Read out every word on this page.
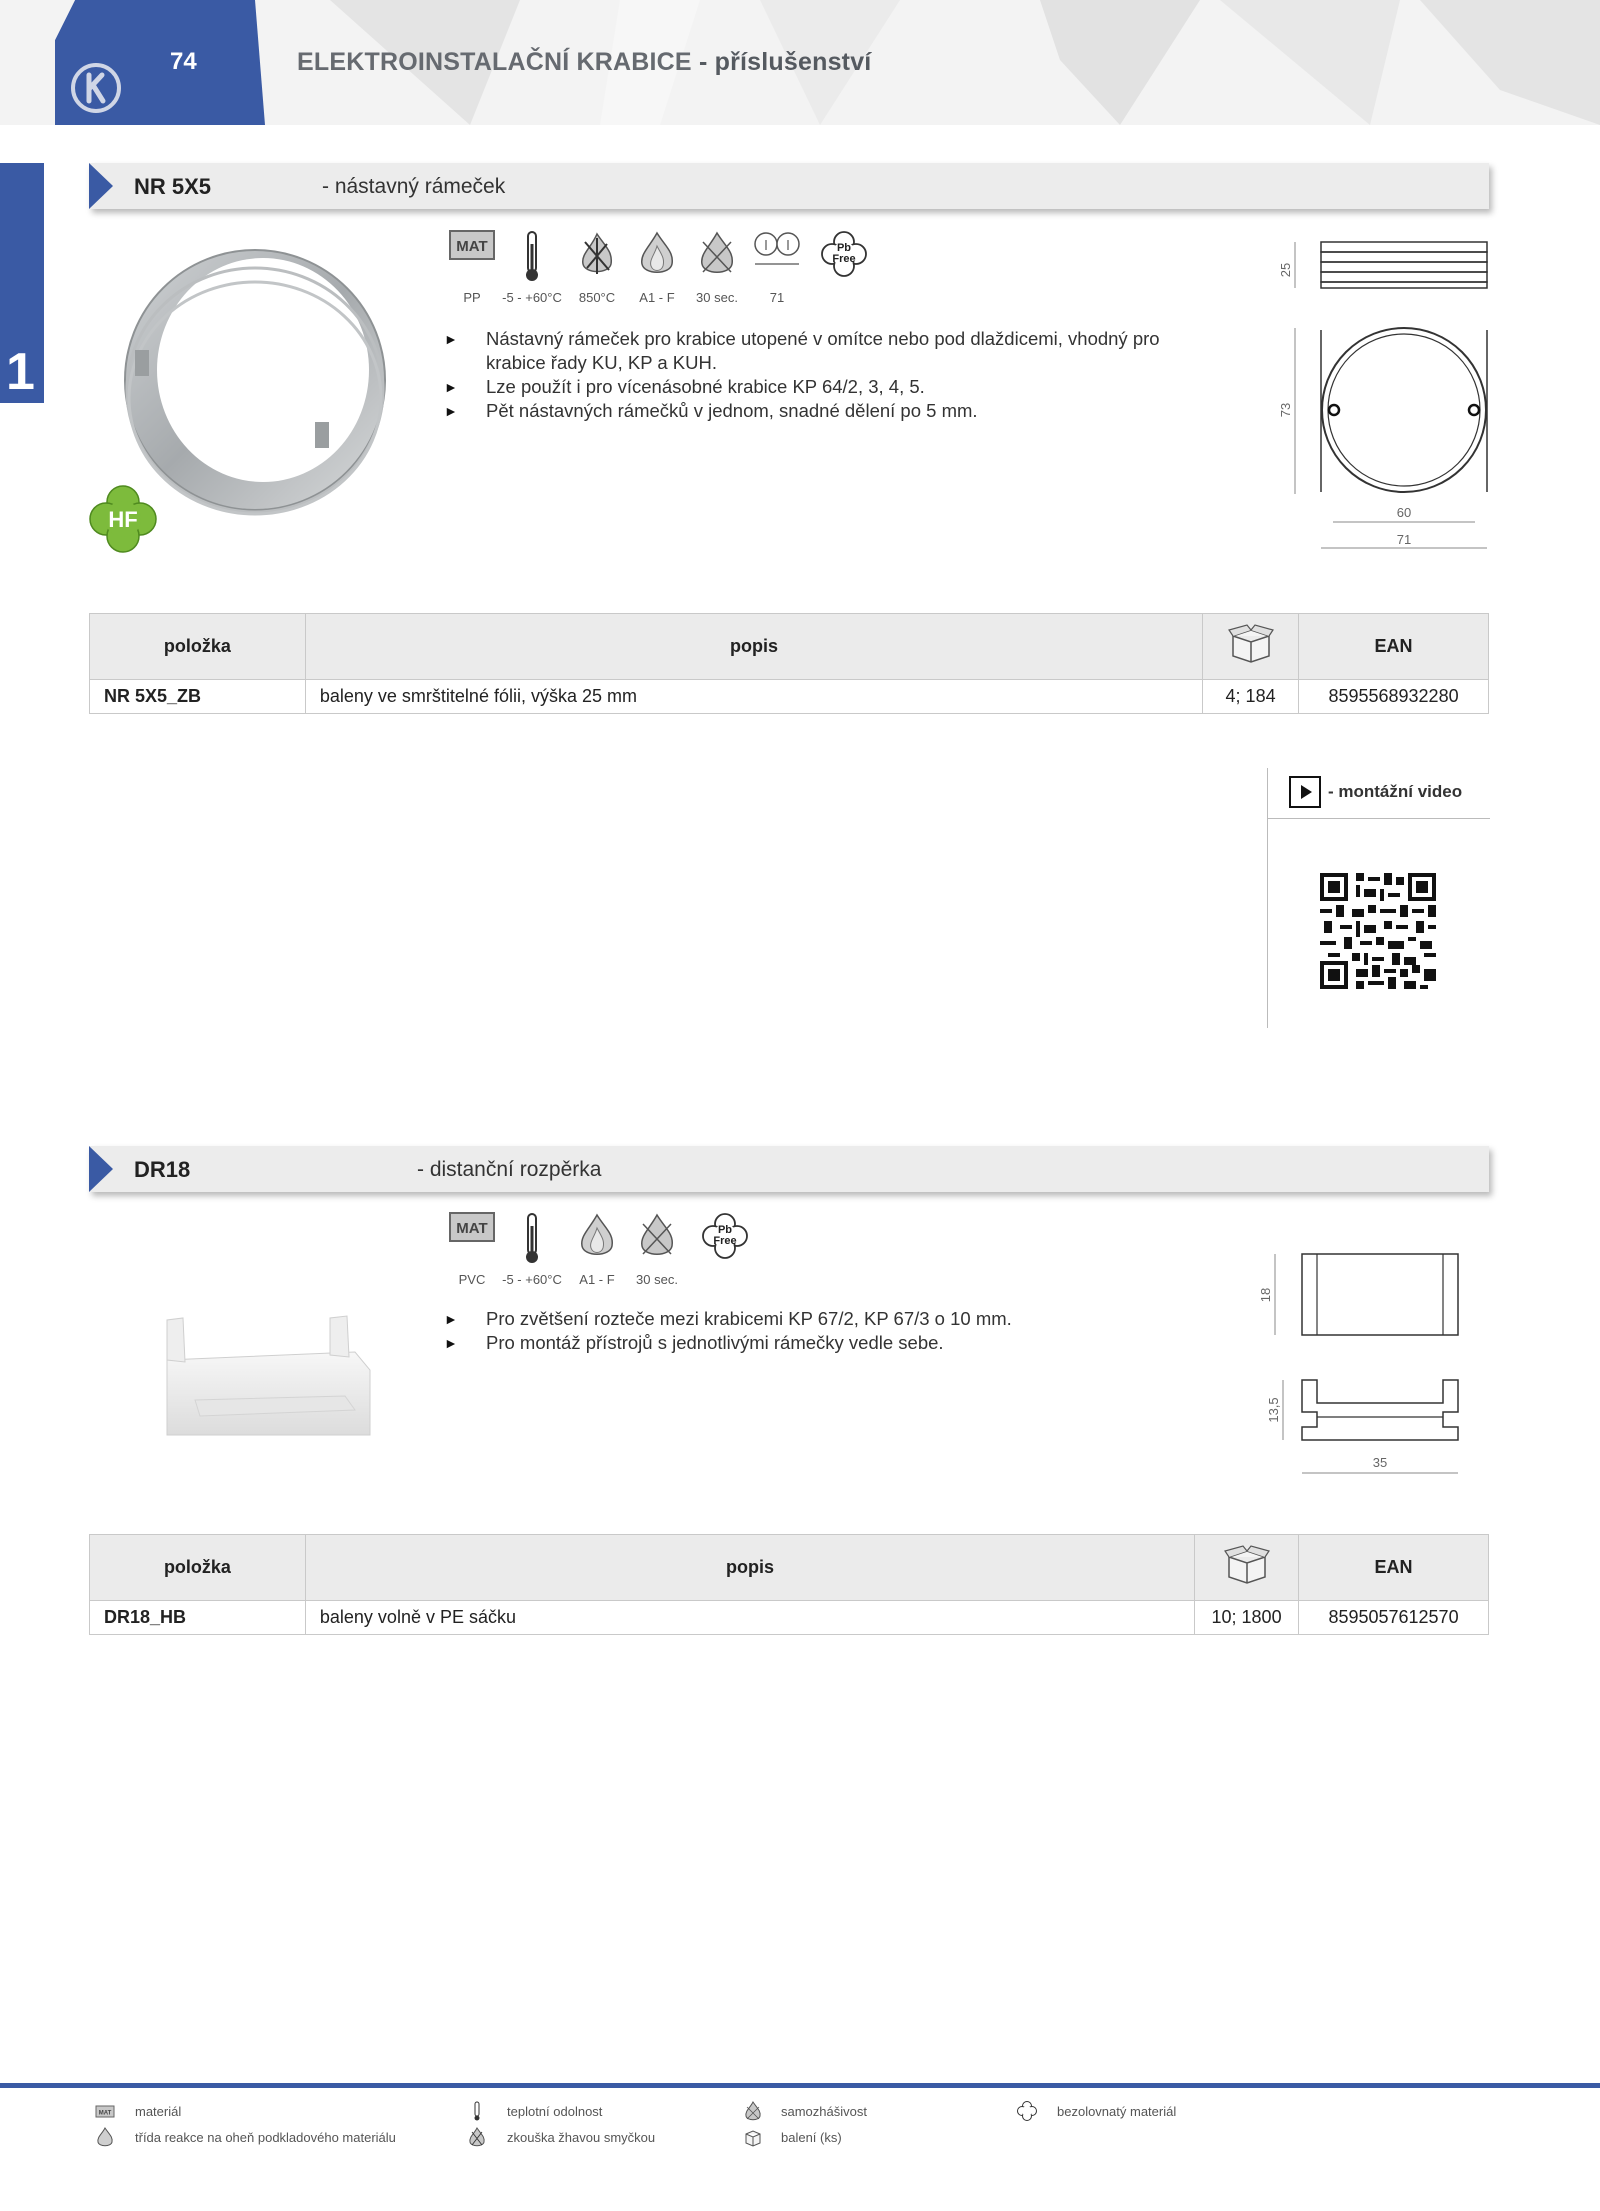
74	ELEKTROINSTALAČNÍ KRABICE - příslušenství
1
NR 5X5	- nástavný rámeček
HF
MAT
PP	-5 - +60°C	850°C	A1 - F	30 sec.	71
Pb
Free
► Nástavný rámeček pro krabice utopené v omítce nebo pod dlaždicemi, vhodný pro krabice řady KU, KP a KUH.
► Lze použít i pro vícenásobné krabice KP 64/2, 3, 4, 5.
► Pět nástavných rámečků v jednom, snadné dělení po 5 mm.
25
73
60
71
položka	popis		EAN
NR 5X5_ZB	baleny ve smrštitelné fólii, výška 25 mm	4; 184	8595568932280
- montážní video
DR18	- distanční rozpěrka
MAT
PVC	-5 - +60°C	A1 - F	30 sec.
Pb
Free
► Pro zvětšení rozteče mezi krabicemi KP 67/2, KP 67/3 o 10 mm.
► Pro montáž přístrojů s jednotlivými rámečky vedle sebe.
18
13,5
35
položka	popis		EAN
DR18_HB	baleny volně v PE sáčku	10; 1800	8595057612570
MAT materiál	teplotní odolnost	samozhášivost	bezolovnatý materiál
třída reakce na oheň podkladového materiálu	zkouška žhavou smyčkou	balení (ks)
